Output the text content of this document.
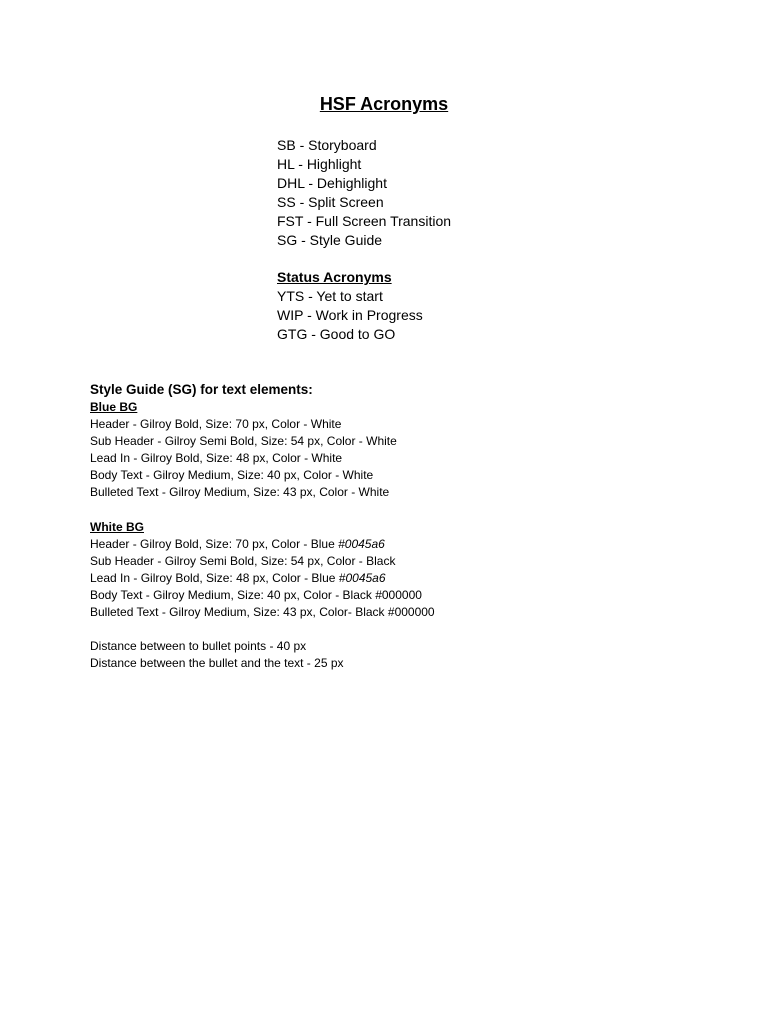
HSF Acronyms
SB - Storyboard
HL - Highlight
DHL - Dehighlight
SS - Split Screen
FST - Full Screen Transition
SG - Style Guide
Status Acronyms
YTS - Yet to start
WIP - Work in Progress
GTG - Good to GO
Style Guide (SG) for text elements:
Blue BG
Header - Gilroy Bold, Size: 70 px, Color - White
Sub Header - Gilroy Semi Bold, Size: 54 px, Color - White
Lead In - Gilroy Bold, Size: 48 px, Color - White
Body Text - Gilroy Medium, Size: 40 px, Color - White
Bulleted Text - Gilroy Medium, Size: 43 px, Color - White
White BG
Header - Gilroy Bold, Size: 70 px, Color - Blue #0045a6
Sub Header - Gilroy Semi Bold, Size: 54 px, Color - Black
Lead In - Gilroy Bold, Size: 48 px, Color - Blue #0045a6
Body Text - Gilroy Medium, Size: 40 px, Color - Black #000000
Bulleted Text - Gilroy Medium, Size: 43 px, Color- Black #000000
Distance between to bullet points - 40 px
Distance between the bullet and the text - 25 px
